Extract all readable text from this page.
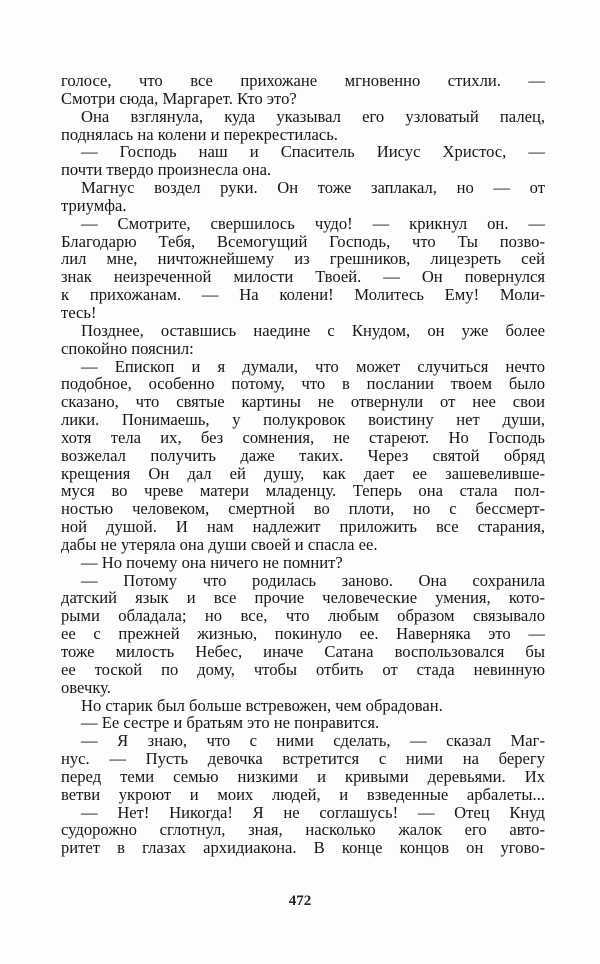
голосе, что все прихожане мгновенно стихли. —
Смотри сюда, Маргарет. Кто это?
Она взглянула, куда указывал его узловатый палец,
поднялась на колени и перекрестилась.
— Господь наш и Спаситель Иисус Христос, —
почти твердо произнесла она.
Магнус воздел руки. Он тоже заплакал, но — от
триумфа.
— Смотрите, свершилось чудо! — крикнул он. —
Благодарю Тебя, Всемогущий Господь, что Ты позво-
лил мне, ничтожнейшему из грешников, лицезреть сей
знак неизреченной милости Твоей. — Он повернулся
к прихожанам. — На колени! Молитесь Ему! Моли-
тесь!
Позднее, оставшись наедине с Кнудом, он уже более
спокойно пояснил:
— Епископ и я думали, что может случиться нечто
подобное, особенно потому, что в послании твоем было
сказано, что святые картины не отвернули от нее свои
лики. Понимаешь, у полукровок воистину нет души,
хотя тела их, без сомнения, не стареют. Но Господь
возжелал получить даже таких. Через святой обряд
крещения Он дал ей душу, как дает ее зашевелившe-
муся во чреве матери младенцу. Теперь она стала пол-
ностью человеком, смертной во плоти, но с бессмерт-
ной душой. И нам надлежит приложить все старания,
дабы не утеряла она души своей и спасла ее.
— Но почему она ничего не помнит?
— Потому что родилась заново. Она сохранила
датский язык и все прочие человеческие умения, кото-
рыми обладала; но все, что любым образом связывало
ее с прежней жизнью, покинуло ее. Наверняка это —
тоже милость Небес, иначе Сатана воспользовался бы
ее тоской по дому, чтобы отбить от стада невинную
овечку.
Но старик был больше встревожен, чем обрадован.
— Ее сестре и братьям это не понравится.
— Я знаю, что с ними сделать, — сказал Маг-
нус. — Пусть девочка встретится с ними на берегу
перед теми семью низкими и кривыми деревьями. Их
ветви укроют и моих людей, и взведенные арбалеты...
— Нет! Никогда! Я не соглашусь! — Отец Кнуд
судорожно сглотнул, зная, насколько жалок его авто-
ритет в глазах архидиакона. В конце концов он угово-
472
